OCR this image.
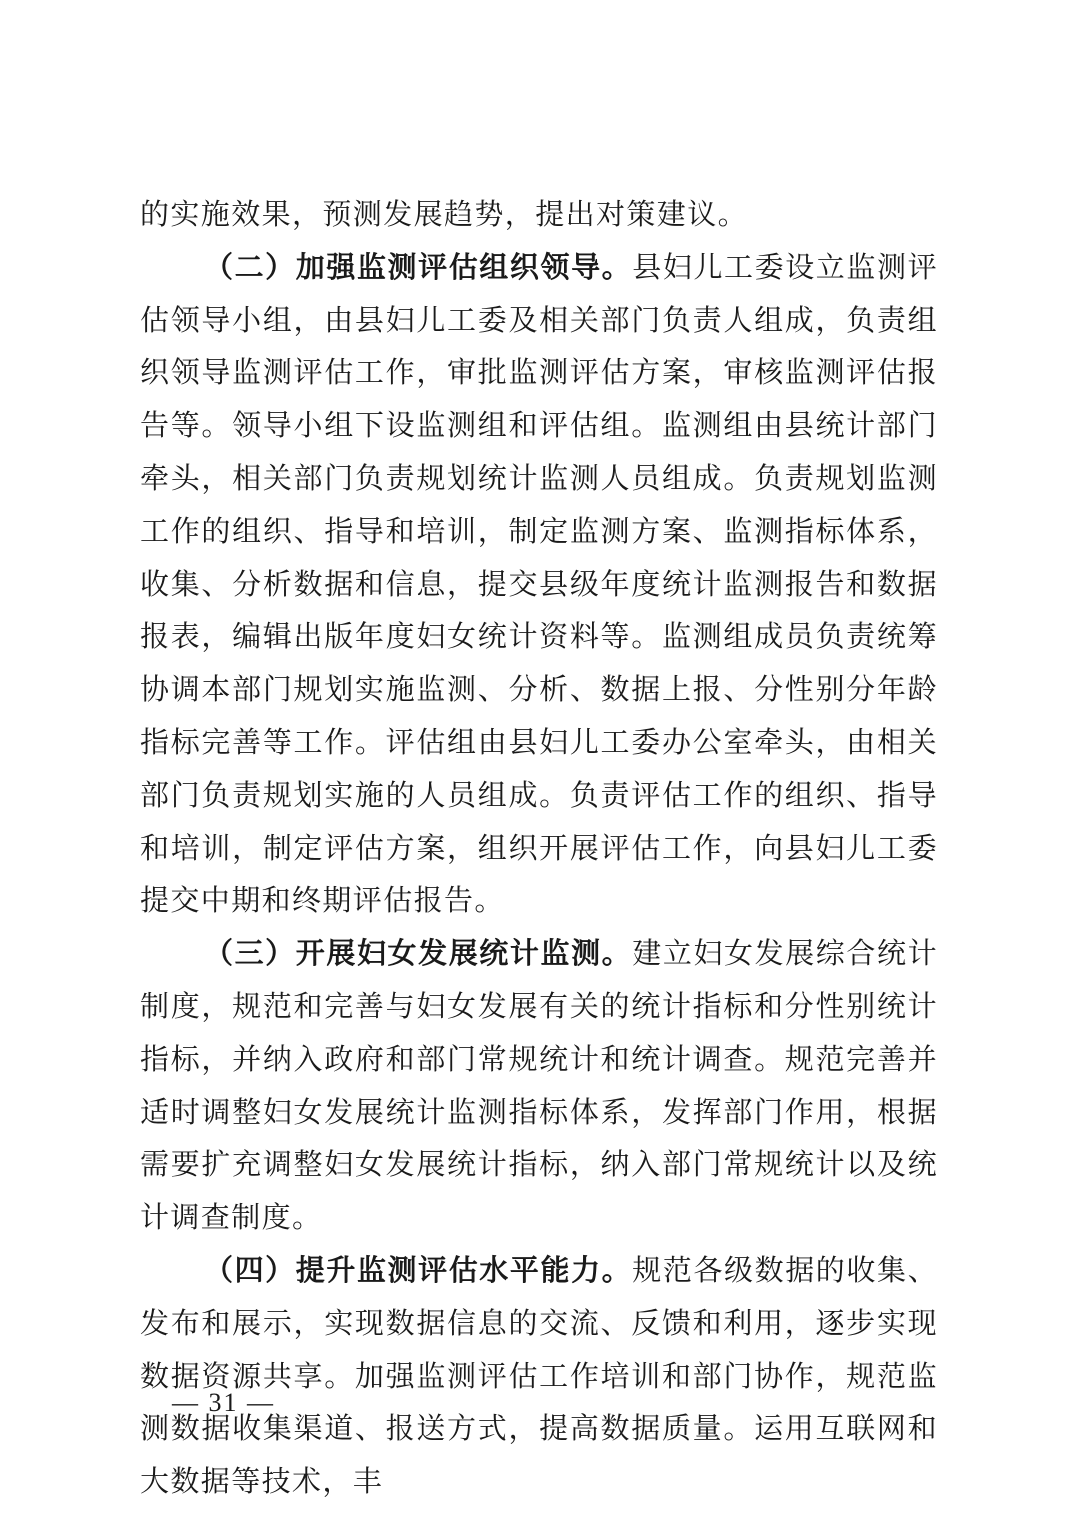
的实施效果，预测发展趋势，提出对策建议。

（二）加强监测评估组织领导。县妇儿工委设立监测评估领导小组，由县妇儿工委及相关部门负责人组成，负责组织领导监测评估工作，审批监测评估方案，审核监测评估报告等。领导小组下设监测组和评估组。监测组由县统计部门牵头，相关部门负责规划统计监测人员组成。负责规划监测工作的组织、指导和培训，制定监测方案、监测指标体系，收集、分析数据和信息，提交县级年度统计监测报告和数据报表，编辑出版年度妇女统计资料等。监测组成员负责统筹协调本部门规划实施监测、分析、数据上报、分性别分年龄指标完善等工作。评估组由县妇儿工委办公室牵头，由相关部门负责规划实施的人员组成。负责评估工作的组织、指导和培训，制定评估方案，组织开展评估工作，向县妇儿工委提交中期和终期评估报告。

（三）开展妇女发展统计监测。建立妇女发展综合统计制度，规范和完善与妇女发展有关的统计指标和分性别统计指标，并纳入政府和部门常规统计和统计调查。规范完善并适时调整妇女发展统计监测指标体系，发挥部门作用，根据需要扩充调整妇女发展统计指标，纳入部门常规统计以及统计调查制度。

（四）提升监测评估水平能力。规范各级数据的收集、发布和展示，实现数据信息的交流、反馈和利用，逐步实现数据资源共享。加强监测评估工作培训和部门协作，规范监测数据收集渠道、报送方式，提高数据质量。运用互联网和大数据等技术，丰

— 31 —
